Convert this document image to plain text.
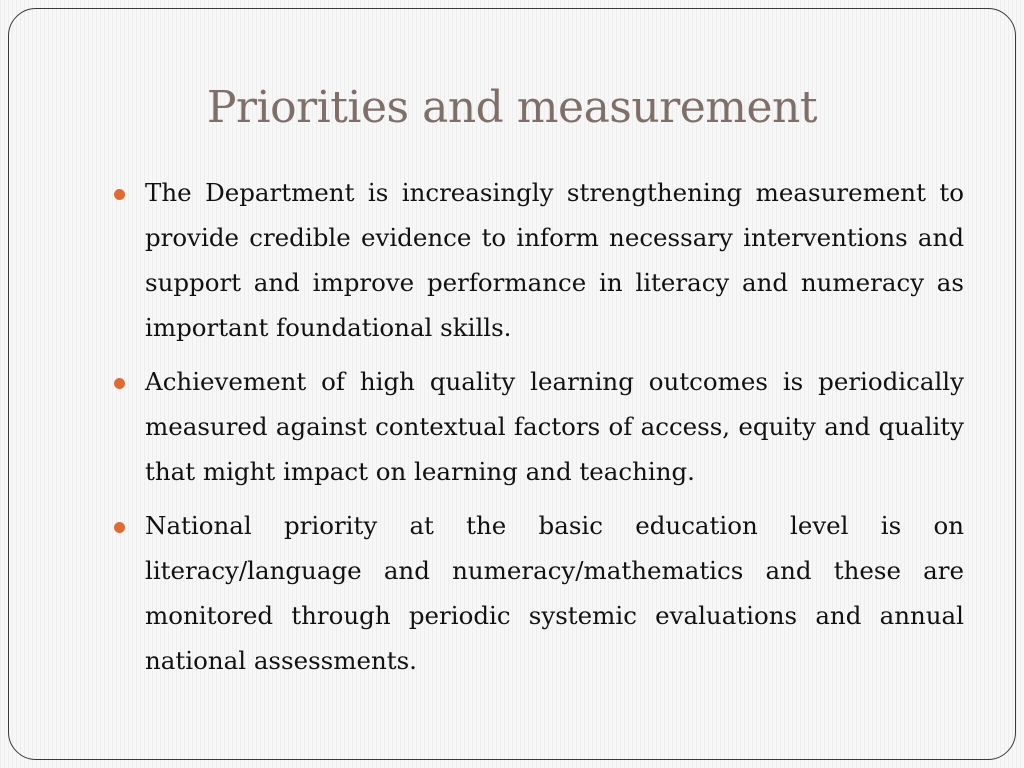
Priorities and measurement
The Department is increasingly strengthening measurement to provide credible evidence to inform necessary interventions and support and improve performance in literacy and numeracy as important foundational skills.
Achievement of high quality learning outcomes is periodically measured against contextual factors of access, equity and quality that might impact on learning and teaching.
National priority at the basic education level is on literacy/language and numeracy/mathematics and these are monitored through periodic systemic evaluations and annual national assessments.
